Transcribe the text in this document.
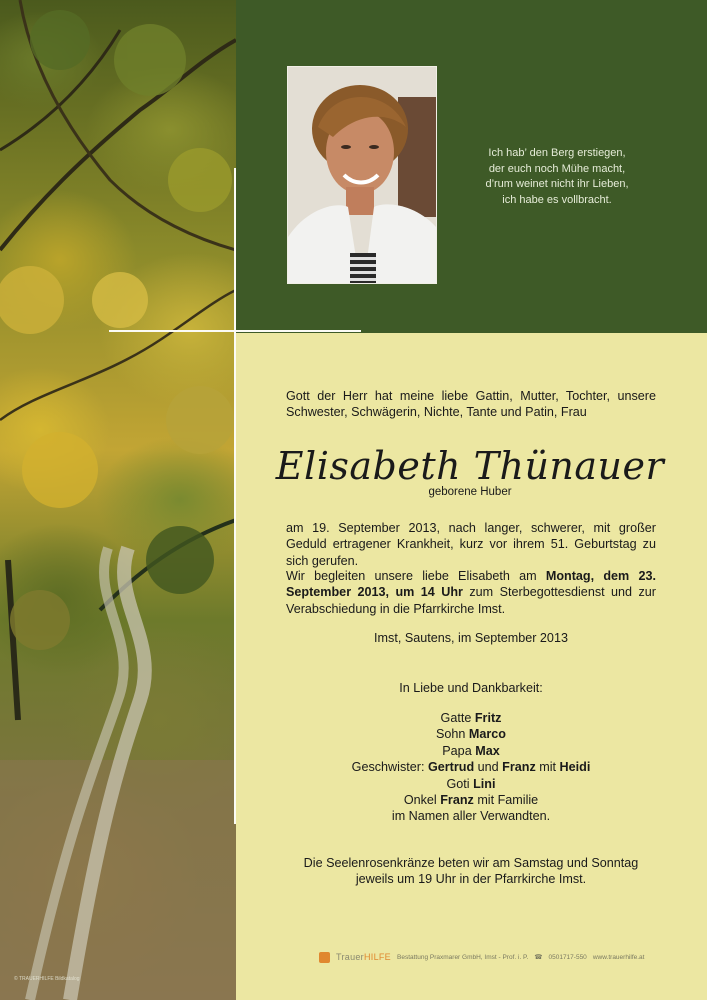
© TRAUERHILFE Bildkatalog
Ich hab’ den Berg erstiegen,
der euch noch Mühe macht,
d’rum weinet nicht ihr Lieben,
ich habe es vollbracht.
Gott der Herr hat meine liebe Gattin, Mutter, Tochter, unsere Schwester, Schwägerin, Nichte, Tante und Patin, Frau
Elisabeth Thünauer
geborene Huber
am 19. September 2013, nach langer, schwerer, mit großer Geduld ertragener Krankheit, kurz vor ihrem 51. Geburtstag zu sich gerufen.
Wir begleiten unsere liebe Elisabeth am Montag, dem 23. September 2013, um 14 Uhr zum Sterbegottesdienst und zur Verabschiedung in die Pfarrkirche Imst.
Imst, Sautens, im September 2013
In Liebe und Dankbarkeit:
Gatte Fritz
Sohn Marco
Papa Max
Geschwister: Gertrud und Franz mit Heidi
Goti Lini
Onkel Franz mit Familie
im Namen aller Verwandten.
Die Seelenrosenkränze beten wir am Samstag und Sonntag
jeweils um 19 Uhr in der Pfarrkirche Imst.
TrauerHILFE Bestattung Praxmarer GmbH, Imst - Prof. i. P. ☎ 0501717-550 www.trauerhilfe.at
